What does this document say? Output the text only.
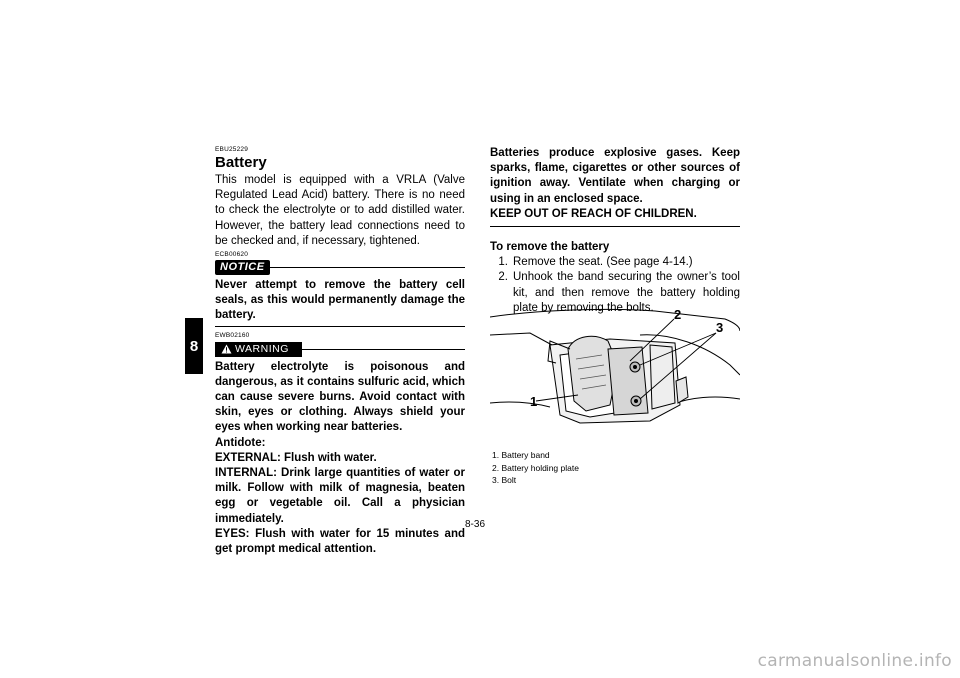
8
EBU25229
Battery
This model is equipped with a VRLA (Valve Regulated Lead Acid) battery. There is no need to check the electrolyte or to add distilled water. However, the battery lead connections need to be checked and, if necessary, tightened.
ECB00620
NOTICE
Never attempt to remove the battery cell seals, as this would permanently damage the battery.
EWB02160
WARNING
Battery electrolyte is poisonous and dangerous, as it contains sulfuric acid, which can cause severe burns. Avoid contact with skin, eyes or clothing. Always shield your eyes when working near batteries.
Antidote:
EXTERNAL: Flush with water.
INTERNAL: Drink large quantities of water or milk. Follow with milk of magnesia, beaten egg or vegetable oil. Call a physician immediately.
EYES: Flush with water for 15 minutes and get prompt medical attention.
Batteries produce explosive gases. Keep sparks, flame, cigarettes or other sources of ignition away. Ventilate when charging or using in an enclosed space.
KEEP OUT OF REACH OF CHILDREN.
To remove the battery
1. Remove the seat. (See page 4-14.)
2. Unhook the band securing the owner’s tool kit, and then remove the battery holding plate by removing the bolts.
1
2
3
1. Battery band
2. Battery holding plate
3. Bolt
8-36
carmanualsonline.info
